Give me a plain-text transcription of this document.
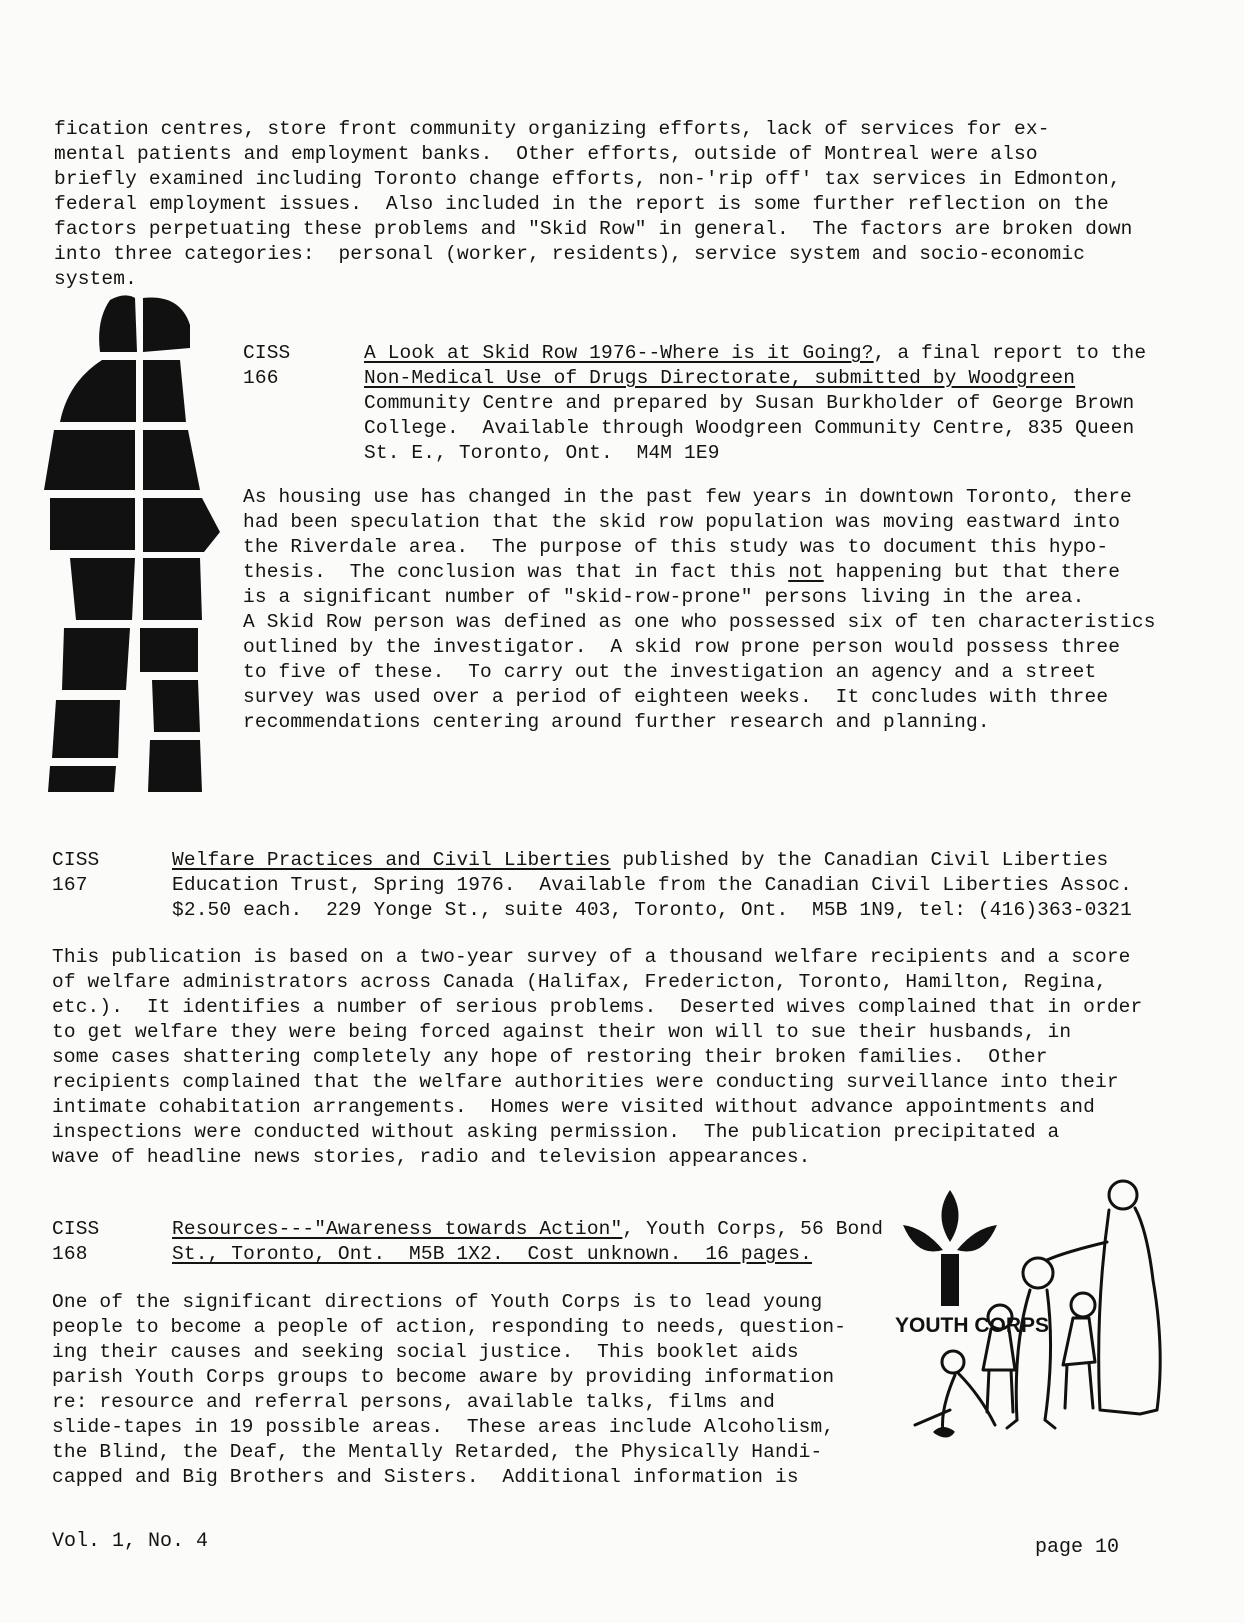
fication centres, store front community organizing efforts, lack of services for ex-
mental patients and employment banks.  Other efforts, outside of Montreal were also
briefly examined including Toronto change efforts, non-'rip off' tax services in Edmonton,
federal employment issues.  Also included in the report is some further reflection on the
factors perpetuating these problems and "Skid Row" in general.  The factors are broken down
into three categories:  personal (worker, residents), service system and socio-economic
system.

CISS
166

A Look at Skid Row 1976--Where is it Going?, a final report to the
Non-Medical Use of Drugs Directorate, submitted by Woodgreen
Community Centre and prepared by Susan Burkholder of George Brown
College.  Available through Woodgreen Community Centre, 835 Queen
St. E., Toronto, Ont.  M4M 1E9

As housing use has changed in the past few years in downtown Toronto, there
had been speculation that the skid row population was moving eastward into
the Riverdale area.  The purpose of this study was to document this hypo-
thesis.  The conclusion was that in fact this not happening but that there
is a significant number of "skid-row-prone" persons living in the area.
A Skid Row person was defined as one who possessed six of ten characteristics
outlined by the investigator.  A skid row prone person would possess three
to five of these.  To carry out the investigation an agency and a street
survey was used over a period of eighteen weeks.  It concludes with three
recommendations centering around further research and planning.

CISS
167

Welfare Practices and Civil Liberties published by the Canadian Civil Liberties
Education Trust, Spring 1976.  Available from the Canadian Civil Liberties Assoc.
$2.50 each.  229 Yonge St., suite 403, Toronto, Ont.  M5B 1N9, tel: (416)363-0321

This publication is based on a two-year survey of a thousand welfare recipients and a score
of welfare administrators across Canada (Halifax, Fredericton, Toronto, Hamilton, Regina,
etc.).  It identifies a number of serious problems.  Deserted wives complained that in order
to get welfare they were being forced against their won will to sue their husbands, in
some cases shattering completely any hope of restoring their broken families.  Other
recipients complained that the welfare authorities were conducting surveillance into their
intimate cohabitation arrangements.  Homes were visited without advance appointments and
inspections were conducted without asking permission.  The publication precipitated a
wave of headline news stories, radio and television appearances.

CISS
168

Resources---"Awareness towards Action", Youth Corps, 56 Bond
St., Toronto, Ont.  M5B 1X2.  Cost unknown.  16 pages.

One of the significant directions of Youth Corps is to lead young
people to become a people of action, responding to needs, question-
ing their causes and seeking social justice.  This booklet aids
parish Youth Corps groups to become aware by providing information
re: resource and referral persons, available talks, films and
slide-tapes in 19 possible areas.  These areas include Alcoholism,
the Blind, the Deaf, the Mentally Retarded, the Physically Handi-
capped and Big Brothers and Sisters.  Additional information is

YOUTH CORPS
Vol. 1, No. 4	page 10
